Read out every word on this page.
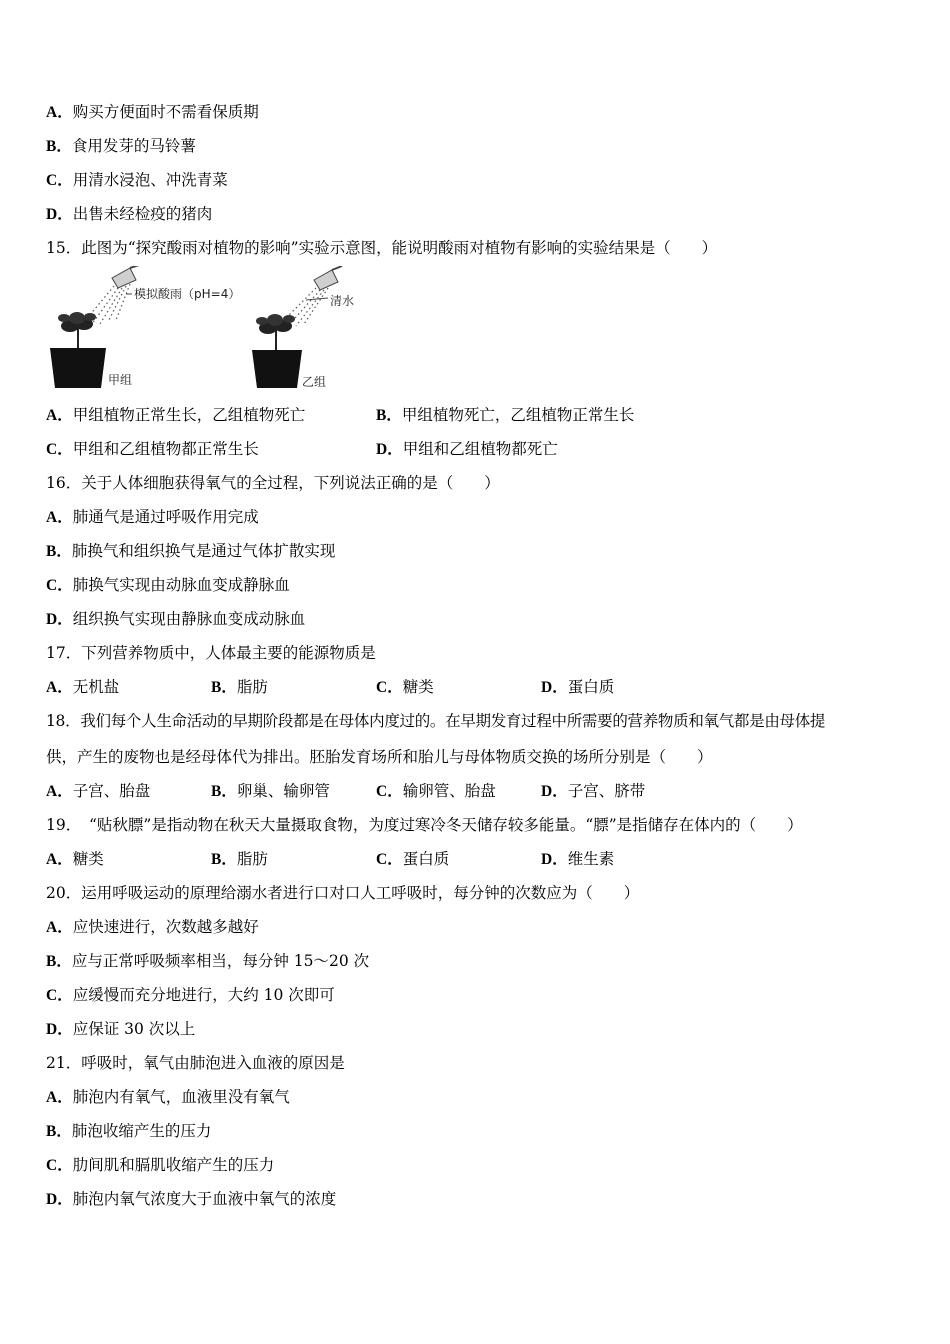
A．购买方便面时不需看保质期
B．食用发芽的马铃薯
C．用清水浸泡、冲洗青菜
D．出售未经检疫的猪肉
15．此图为“探究酸雨对植物的影响”实验示意图，能说明酸雨对植物有影响的实验结果是（　　）
模拟酸雨（pH=4）
甲组
清水
乙组
A．甲组植物正常生长，乙组植物死亡	B．甲组植物死亡，乙组植物正常生长
C．甲组和乙组植物都正常生长	D．甲组和乙组植物都死亡
16．关于人体细胞获得氧气的全过程，下列说法正确的是（　　）
A．肺通气是通过呼吸作用完成
B．肺换气和组织换气是通过气体扩散实现
C．肺换气实现由动脉血变成静脉血
D．组织换气实现由静脉血变成动脉血
17．下列营养物质中，人体最主要的能源物质是
A．无机盐	B．脂肪	C．糖类	D．蛋白质
18．我们每个人生命活动的早期阶段都是在母体内度过的。在早期发育过程中所需要的营养物质和氧气都是由母体提
供，产生的废物也是经母体代为排出。胚胎发育场所和胎儿与母体物质交换的场所分别是（　　）
A．子宫、胎盘	B．卵巢、输卵管	C．输卵管、胎盘	D．子宫、脐带
19．　“贴秋膘”是指动物在秋天大量摄取食物，为度过寒冷冬天储存较多能量。“膘”是指储存在体内的（　　）
A．糖类	B．脂肪	C．蛋白质	D．维生素
20．运用呼吸运动的原理给溺水者进行口对口人工呼吸时，每分钟的次数应为（　　）
A．应快速进行，次数越多越好
B．应与正常呼吸频率相当，每分钟 15～20 次
C．应缓慢而充分地进行，大约 10 次即可
D．应保证 30 次以上
21．呼吸时，氧气由肺泡进入血液的原因是
A．肺泡内有氧气，血液里没有氧气
B．肺泡收缩产生的压力
C．肋间肌和膈肌收缩产生的压力
D．肺泡内氧气浓度大于血液中氧气的浓度
